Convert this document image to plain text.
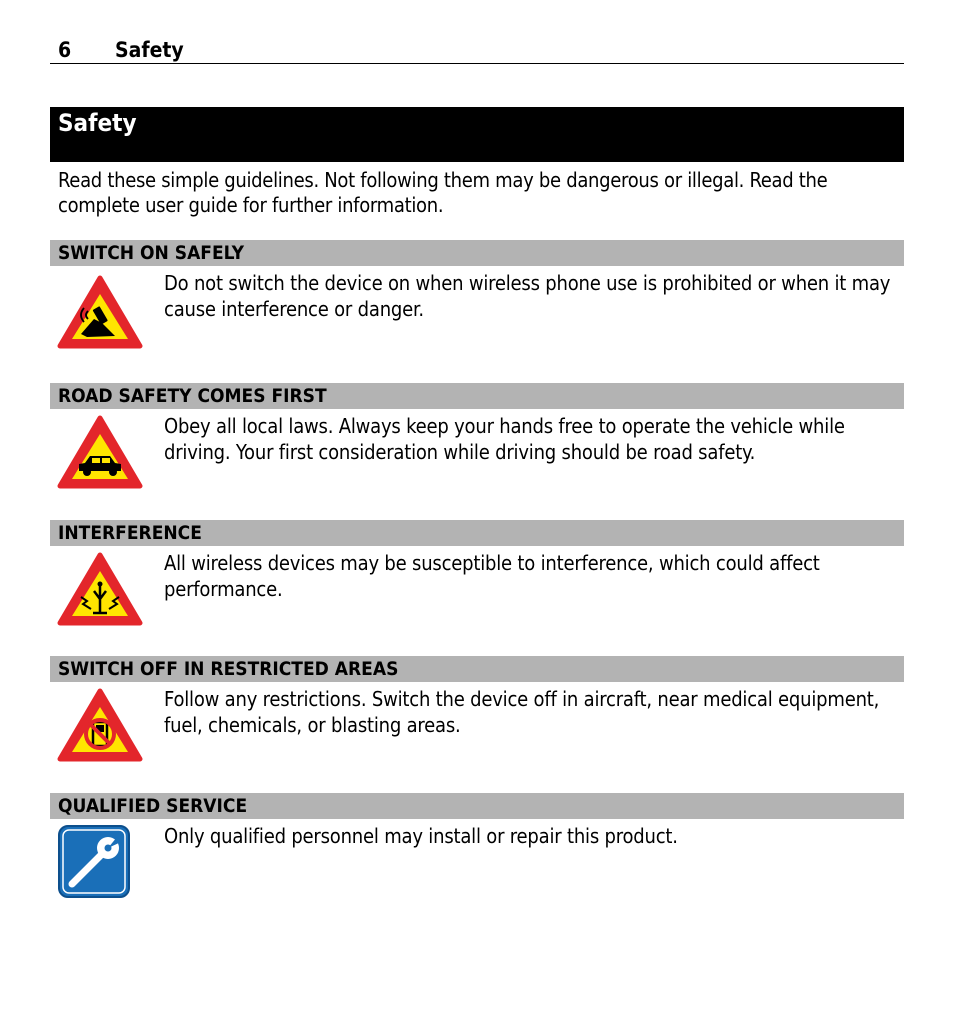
6 Safety
Safety
Read these simple guidelines. Not following them may be dangerous or illegal. Read the complete user guide for further information.
SWITCH ON SAFELY
Do not switch the device on when wireless phone use is prohibited or when it may cause interference or danger.
ROAD SAFETY COMES FIRST
Obey all local laws. Always keep your hands free to operate the vehicle while driving. Your first consideration while driving should be road safety.
INTERFERENCE
All wireless devices may be susceptible to interference, which could affect performance.
SWITCH OFF IN RESTRICTED AREAS
Follow any restrictions. Switch the device off in aircraft, near medical equipment, fuel, chemicals, or blasting areas.
QUALIFIED SERVICE
Only qualified personnel may install or repair this product.
